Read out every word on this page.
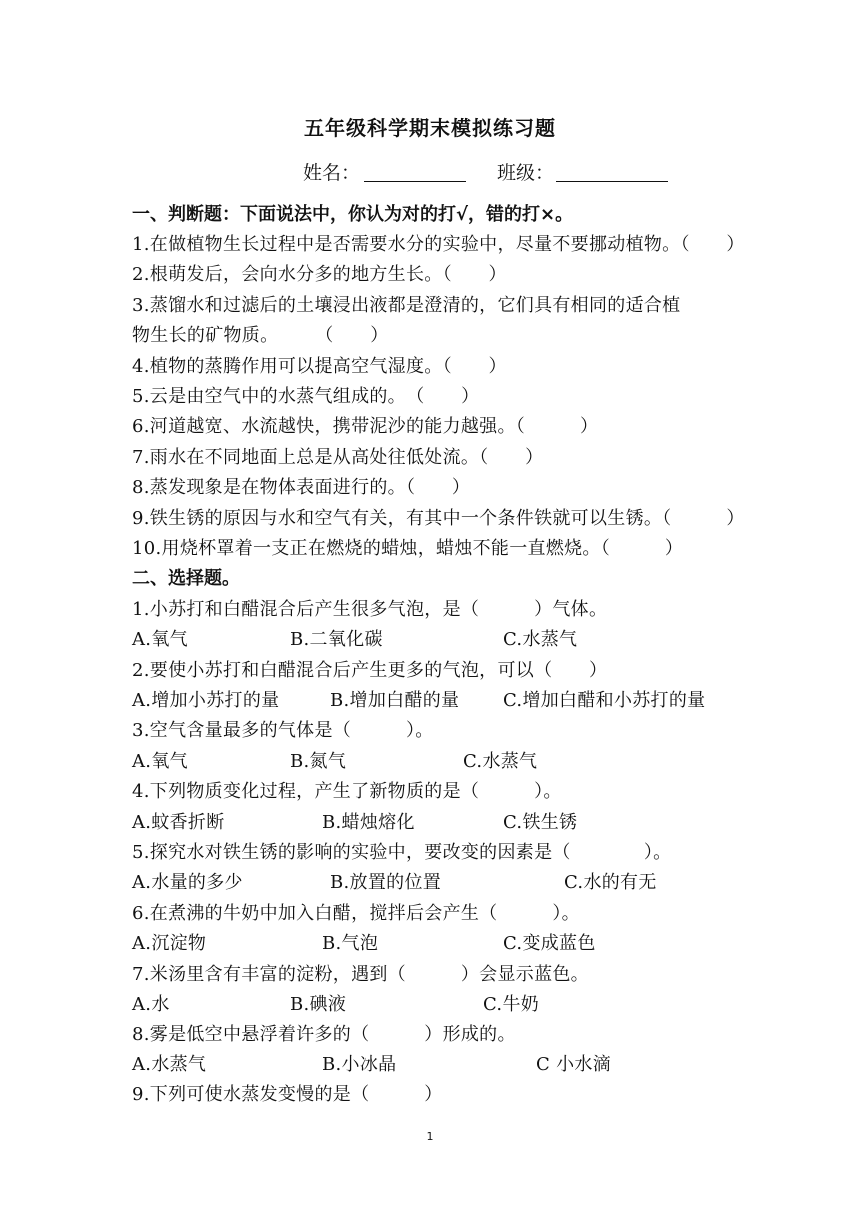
五年级科学期末模拟练习题
姓名：	班级：
一、判断题：下面说法中，你认为对的打√，错的打×。
1.在做植物生长过程中是否需要水分的实验中，尽量不要挪动植物。（　　）
2.根萌发后，会向水分多的地方生长。（　　）
3.蒸馏水和过滤后的土壤浸出液都是澄清的，它们具有相同的适合植
物生长的矿物质。　　　（　　）
4.植物的蒸腾作用可以提高空气湿度。（　　）
5.云是由空气中的水蒸气组成的。　（　　）
6.河道越宽、水流越快，携带泥沙的能力越强。（　　　）
7.雨水在不同地面上总是从高处往低处流。（　　）
8.蒸发现象是在物体表面进行的。（　　）
9.铁生锈的原因与水和空气有关，有其中一个条件铁就可以生锈。（　　　）
10.用烧杯罩着一支正在燃烧的蜡烛，蜡烛不能一直燃烧。（　　　）
二、选择题。
1.小苏打和白醋混合后产生很多气泡，是（　　　）气体。
A.氧气	B.二氧化碳	C.水蒸气
2.要使小苏打和白醋混合后产生更多的气泡，可以（　　）
A.增加小苏打的量	B.增加白醋的量 C.增加白醋和小苏打的量
3.空气含量最多的气体是（　　　）。
A.氧气	B.氮气	C.水蒸气
4.下列物质变化过程，产生了新物质的是（　　　）。
A.蚊香折断	B.蜡烛熔化	C.铁生锈
5.探究水对铁生锈的影响的实验中，要改变的因素是（　　　　）。
A.水量的多少	B.放置的位置	C.水的有无
6.在煮沸的牛奶中加入白醋，搅拌后会产生（　　　）。
A.沉淀物	B.气泡	C.变成蓝色
7.米汤里含有丰富的淀粉，遇到（　　　）会显示蓝色。
A.水	B.碘液	C.牛奶
8.雾是低空中悬浮着许多的（　　　）形成的。
A.水蒸气	B.小冰晶	C 小水滴
9.下列可使水蒸发变慢的是（　　　）
1
